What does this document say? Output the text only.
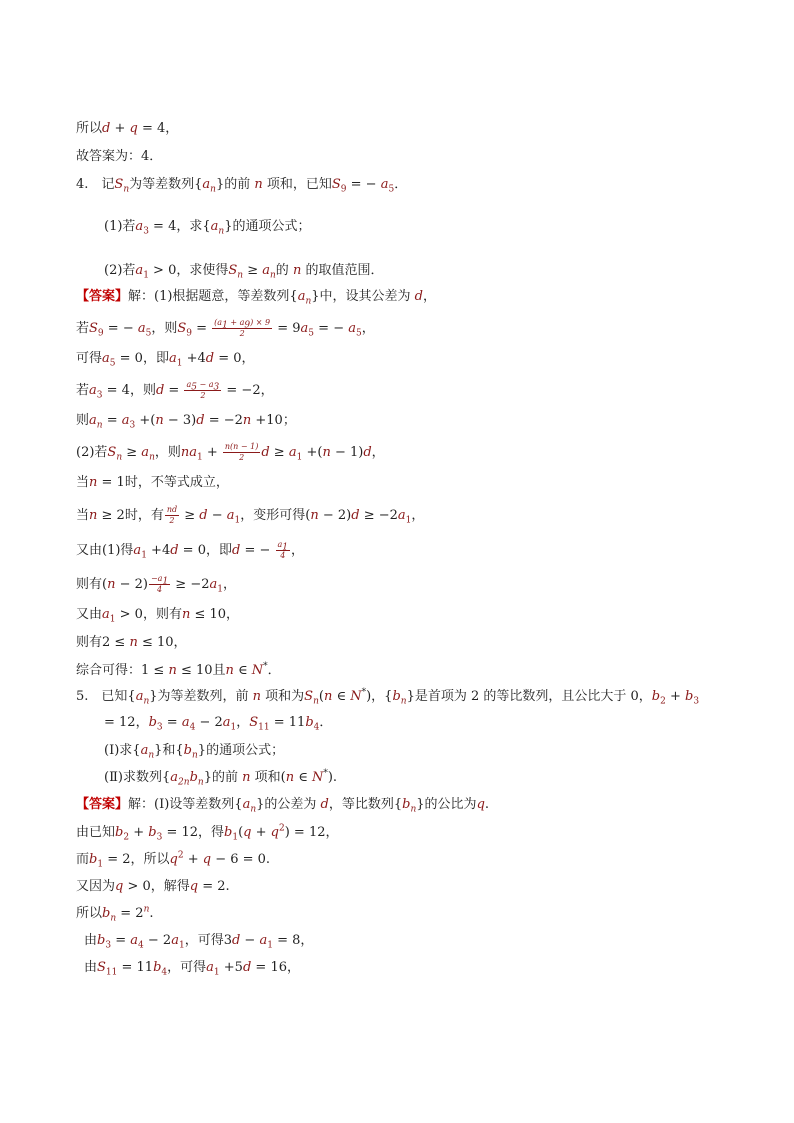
所以d + q = 4，
故答案为：4．
4.　记$S_n$为等差数列$\{a_n\}$的前 n 项和，已知$S_9$ = − $a_5$．
(1)若$a_3 = 4$，求$\{a_n\}$的通项公式；
(2)若$a_1 > 0$，求使得$S_n \ge a_n$的 n 的取值范围．
【答案】解：(1)根据题意，等差数列$\{a_n\}$中，设其公差为 d，
若$S_9$ = − $a_5$，则$S_9 = \frac{(a_1 + a_9) \times 9}{2} = 9a_5$ = − $a_5$，
可得$a_5 = 0$，即$a_1 +4d = 0$，
若$a_3 = 4$，则$d = \frac{a_5 - a_3}{2} = -2$，
则$a_n = a_3 +(n - 3)d = -2n +10$；
(2)若$S_n \ge a_n$，则$na_1 + \frac{n(n - 1)}{2}$ $d \ge a_1 +(n - 1)d$，
当n = 1时，不等式成立，
当n ≥ 2时，有 $\frac{nd}{2} \ge d - a_1$，变形可得$(n - 2)d \ge -2a_1$，
又由(1)得$a_1 +4d = 0$，即d = − $\frac{a_1}{4}$ ，
则有$(n - 2) \frac{-a_1}{4} \ge -2a_1$，
又由$a_1 > 0$，则有n ≤ 10，
则有2 ≤ n ≤ 10，
综合可得：1 ≤ n ≤ 10且n ∈ N*．
5.　已知$\{a_n\}$为等差数列，前 n 项和为$S_n(n$ ∈ N*)，$\{b_n\}$是首项为 2 的等比数列，且公比大于 0，$b_2 + b_3$
= 12，$b_3 = a_4 - 2a_1$，$S_{11} = 11b_4$．
(Ⅰ)求$\{a_n\}$和$\{b_n\}$的通项公式；
(Ⅱ)求数列$\{a_{2n}b_n\}$的前 n 项和(n ∈ N*).
【答案】解：(Ⅰ)设等差数列$\{a_n\}$的公差为 d，等比数列$\{b_n\}$的公比为q.
由已知$b_2 + b_3 = 12$，得$b_1(q + q^2) = 12$，
而$b_1 = 2$，所以$q^2 + q - 6 = 0$.
又因为q > 0，解得q = 2.
所以$b_n = 2^n$.
由$b_3 = a_4 - 2a_1$，可得$3d - a_1 = 8$，
由$S_{11} = 11b_4$，可得$a_1 +5d = 16$，
